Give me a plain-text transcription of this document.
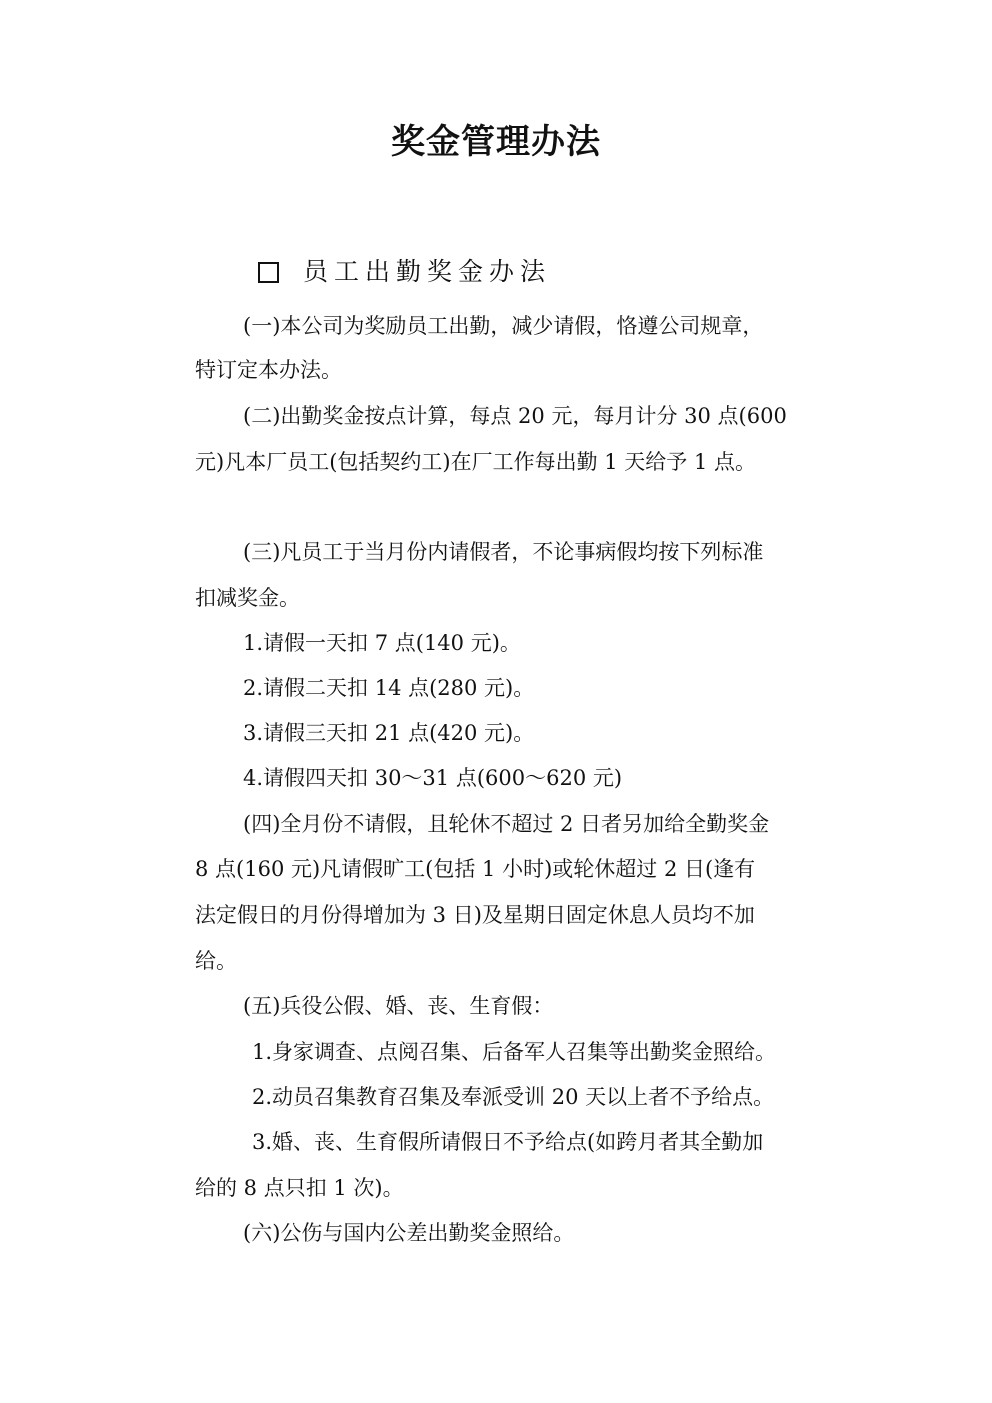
奖金管理办法
员工出勤奖金办法
(一)本公司为奖励员工出勤，减少请假，恪遵公司规章，
特订定本办法。
(二)出勤奖金按点计算，每点 20 元，每月计分 30 点(600
元)凡本厂员工(包括契约工)在厂工作每出勤 1 天给予 1 点。
(三)凡员工于当月份内请假者，不论事病假均按下列标准
扣减奖金。
1.请假一天扣 7 点(140 元)。
2.请假二天扣 14 点(280 元)。
3.请假三天扣 21 点(420 元)。
4.请假四天扣 30～31 点(600～620 元)
(四)全月份不请假，且轮休不超过 2 日者另加给全勤奖金
8 点(160 元)凡请假旷工(包括 1 小时)或轮休超过 2 日(逢有
法定假日的月份得增加为 3 日)及星期日固定休息人员均不加
给。
(五)兵役公假、婚、丧、生育假：
1.身家调查、点阅召集、后备军人召集等出勤奖金照给。
2.动员召集教育召集及奉派受训 20 天以上者不予给点。
3.婚、丧、生育假所请假日不予给点(如跨月者其全勤加
给的 8 点只扣 1 次)。
(六)公伤与国内公差出勤奖金照给。
